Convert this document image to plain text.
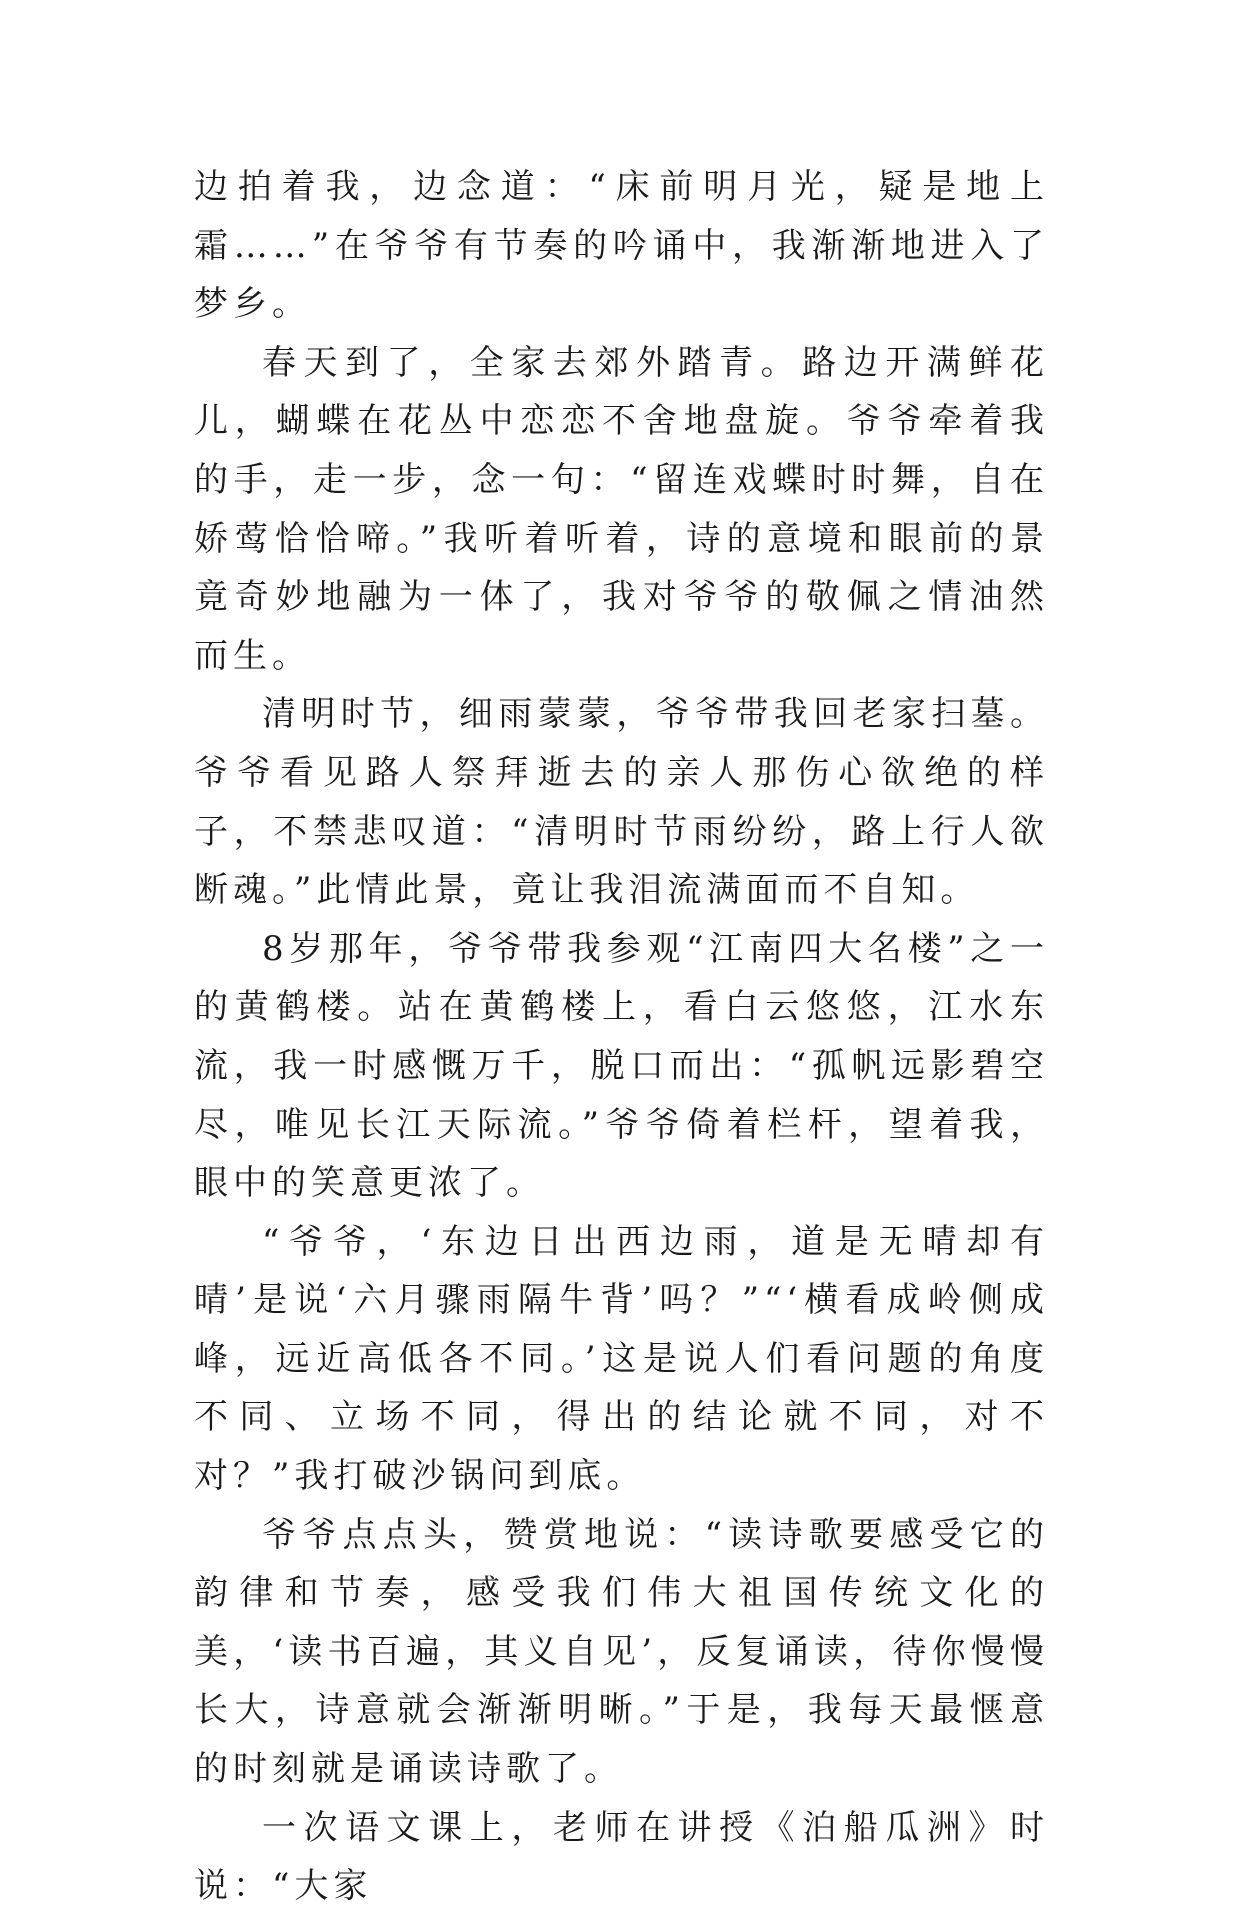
边拍着我，边念道：“床前明月光，疑是地上霜……”在爷爷有节奏的吟诵中，我渐渐地进入了梦乡。

春天到了，全家去郊外踏青。路边开满鲜花儿，蝴蝶在花丛中恋恋不舍地盘旋。爷爷牵着我的手，走一步，念一句：“留连戏蝶时时舞，自在娇莺恰恰啼。”我听着听着，诗的意境和眼前的景竟奇妙地融为一体了，我对爷爷的敬佩之情油然而生。

清明时节，细雨蒙蒙，爷爷带我回老家扫墓。爷爷看见路人祭拜逝去的亲人那伤心欲绝的样子，不禁悲叹道：“清明时节雨纷纷，路上行人欲断魂。”此情此景，竟让我泪流满面而不自知。

8岁那年，爷爷带我参观“江南四大名楼”之一的黄鹤楼。站在黄鹤楼上，看白云悠悠，江水东流，我一时感慨万千，脱口而出：“孤帆远影碧空尽，唯见长江天际流。”爷爷倚着栏杆，望着我，眼中的笑意更浓了。

“爷爷，‘东边日出西边雨，道是无晴却有晴’是说‘六月骤雨隔牛背’吗？”“‘横看成岭侧成峰，远近高低各不同。’这是说人们看问题的角度不同、立场不同，得出的结论就不同，对不对？”我打破沙锅问到底。

爷爷点点头，赞赏地说：“读诗歌要感受它的韵律和节奏，感受我们伟大祖国传统文化的美，‘读书百遍，其义自见’，反复诵读，待你慢慢长大，诗意就会渐渐明晰。”于是，我每天最惬意的时刻就是诵读诗歌了。

一次语文课上，老师在讲授《泊船瓜洲》时说：“大家
